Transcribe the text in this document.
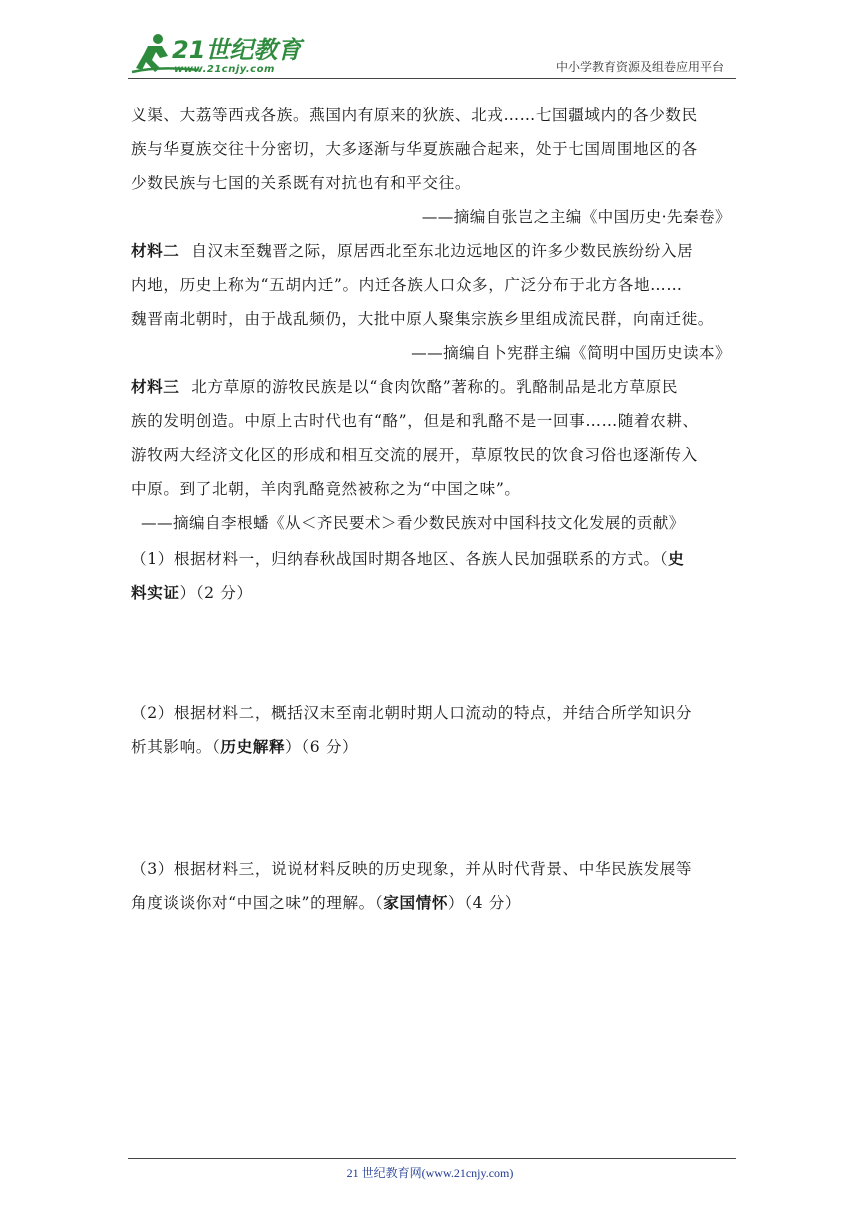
21世纪教育
www.21cnjy.com	中小学教育资源及组卷应用平台

义渠、大荔等西戎各族。燕国内有原来的狄族、北戎……七国疆域内的各少数民

族与华夏族交往十分密切，大多逐渐与华夏族融合起来，处于七国周围地区的各

少数民族与七国的关系既有对抗也有和平交往。

——摘编自张岂之主编《中国历史·先秦卷》

材料二 自汉末至魏晋之际，原居西北至东北边远地区的许多少数民族纷纷入居

内地，历史上称为“五胡内迁”。内迁各族人口众多，广泛分布于北方各地……

魏晋南北朝时，由于战乱频仍，大批中原人聚集宗族乡里组成流民群，向南迁徙。

——摘编自卜宪群主编《简明中国历史读本》

材料三 北方草原的游牧民族是以“食肉饮酪”著称的。乳酪制品是北方草原民

族的发明创造。中原上古时代也有“酪”，但是和乳酪不是一回事……随着农耕、

游牧两大经济文化区的形成和相互交流的展开，草原牧民的饮食习俗也逐渐传入

中原。到了北朝，羊肉乳酪竟然被称之为“中国之味”。

——摘编自李根蟠《从＜齐民要术＞看少数民族对中国科技文化发展的贡献》

（1）根据材料一，归纳春秋战国时期各地区、各族人民加强联系的方式。（史

料实证）（2 分）

（2）根据材料二，概括汉末至南北朝时期人口流动的特点，并结合所学知识分

析其影响。（历史解释）（6 分）

（3）根据材料三，说说材料反映的历史现象，并从时代背景、中华民族发展等

角度谈谈你对“中国之味”的理解。（家国情怀）（4 分）

21 世纪教育网(www.21cnjy.com)
